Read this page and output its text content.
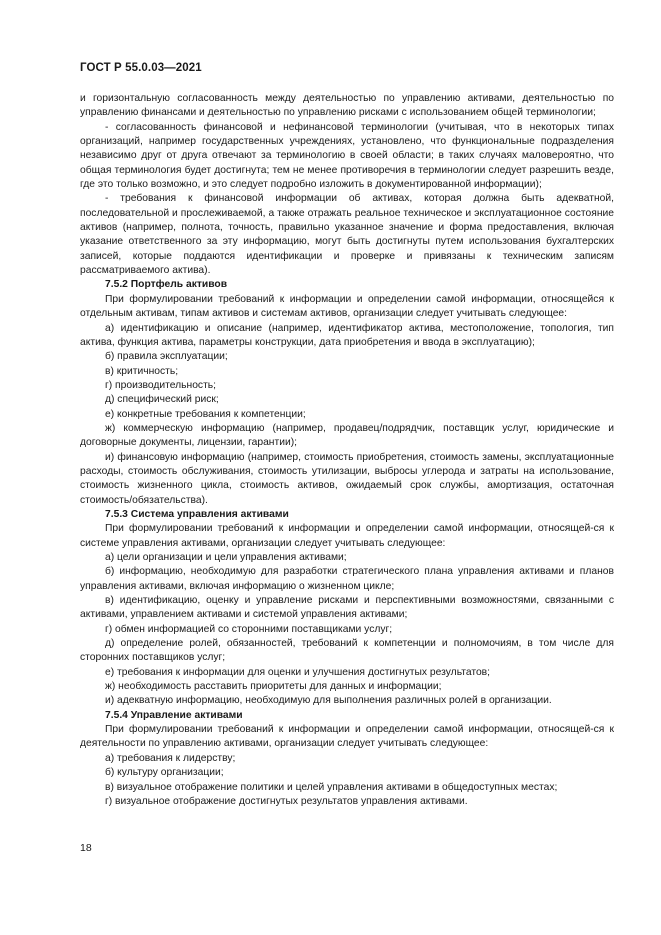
ГОСТ Р 55.0.03—2021

и горизонтальную согласованность между деятельностью по управлению активами, деятельностью по управлению финансами и деятельностью по управлению рисками с использованием общей терминологии;

- согласованность финансовой и нефинансовой терминологии (учитывая, что в некоторых типах организаций, например государственных учреждениях, установлено, что функциональные подразделения независимо друг от друга отвечают за терминологию в своей области; в таких случаях маловероятно, что общая терминология будет достигнута; тем не менее противоречия в терминологии следует разрешить везде, где это только возможно, и это следует подробно изложить в документированной информации);

- требования к финансовой информации об активах, которая должна быть адекватной, последовательной и прослеживаемой, а также отражать реальное техническое и эксплуатационное состояние активов (например, полнота, точность, правильно указанное значение и форма предоставления, включая указание ответственного за эту информацию, могут быть достигнуты путем использования бухгалтерских записей, которые поддаются идентификации и проверке и привязаны к техническим записям рассматриваемого актива).

7.5.2 Портфель активов

При формулировании требований к информации и определении самой информации, относящейся к отдельным активам, типам активов и системам активов, организации следует учитывать следующее:

а) идентификацию и описание (например, идентификатор актива, местоположение, топология, тип актива, функция актива, параметры конструкции, дата приобретения и ввода в эксплуатацию);

б) правила эксплуатации;

в) критичность;

г) производительность;

д) специфический риск;

е) конкретные требования к компетенции;

ж) коммерческую информацию (например, продавец/подрядчик, поставщик услуг, юридические и договорные документы, лицензии, гарантии);

и) финансовую информацию (например, стоимость приобретения, стоимость замены, эксплуатационные расходы, стоимость обслуживания, стоимость утилизации, выбросы углерода и затраты на использование, стоимость жизненного цикла, стоимость активов, ожидаемый срок службы, амортизация, остаточная стоимость/обязательства).

7.5.3 Система управления активами

При формулировании требований к информации и определении самой информации, относящей-ся к системе управления активами, организации следует учитывать следующее:

а) цели организации и цели управления активами;

б) информацию, необходимую для разработки стратегического плана управления активами и планов управления активами, включая информацию о жизненном цикле;

в) идентификацию, оценку и управление рисками и перспективными возможностями, связанными с активами, управлением активами и системой управления активами;

г) обмен информацией со сторонними поставщиками услуг;

д) определение ролей, обязанностей, требований к компетенции и полномочиям, в том числе для сторонних поставщиков услуг;

е) требования к информации для оценки и улучшения достигнутых результатов;

ж) необходимость расставить приоритеты для данных и информации;

и) адекватную информацию, необходимую для выполнения различных ролей в организации.

7.5.4 Управление активами

При формулировании требований к информации и определении самой информации, относящей-ся к деятельности по управлению активами, организации следует учитывать следующее:

а) требования к лидерству;

б) культуру организации;

в) визуальное отображение политики и целей управления активами в общедоступных местах;

г) визуальное отображение достигнутых результатов управления активами.

18
